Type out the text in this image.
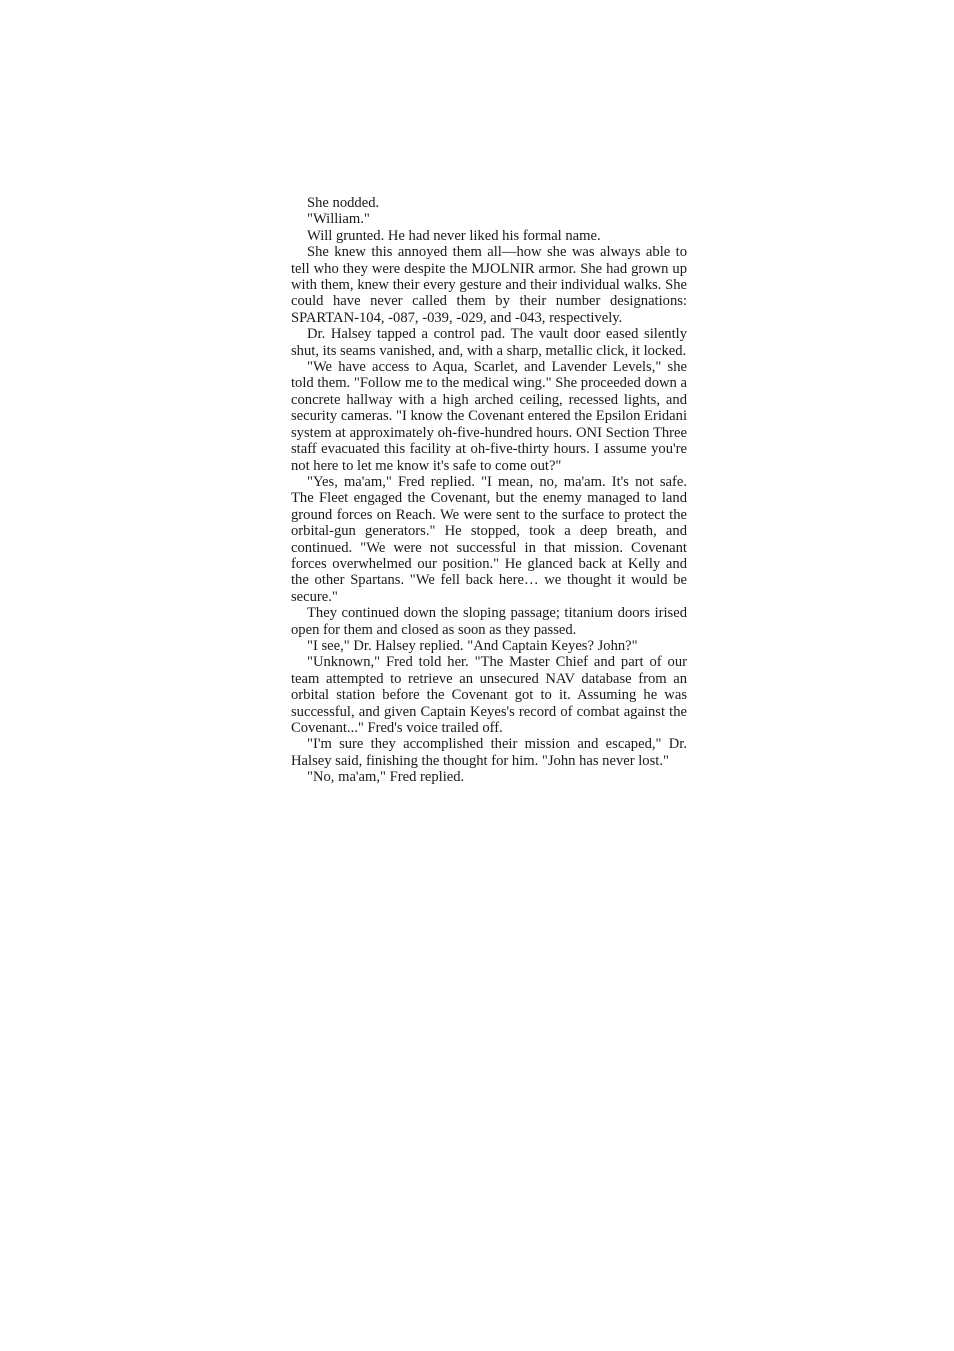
She nodded.

"William."

Will grunted. He had never liked his formal name.

She knew this annoyed them all—how she was always able to tell who they were despite the MJOLNIR armor. She had grown up with them, knew their every gesture and their individual walks. She could have never called them by their number designations: SPARTAN-104, -087, -039, -029, and -043, respectively.

Dr. Halsey tapped a control pad. The vault door eased silently shut, its seams vanished, and, with a sharp, metallic click, it locked.

"We have access to Aqua, Scarlet, and Lavender Levels," she told them. "Follow me to the medical wing." She proceeded down a concrete hallway with a high arched ceiling, recessed lights, and security cameras. "I know the Covenant entered the Epsilon Eridani system at approximately oh-five-hundred hours. ONI Section Three staff evacuated this facility at oh-five-thirty hours. I assume you're not here to let me know it's safe to come out?"

"Yes, ma'am," Fred replied. "I mean, no, ma'am. It's not safe. The Fleet engaged the Covenant, but the enemy managed to land ground forces on Reach. We were sent to the surface to protect the orbital-gun generators." He stopped, took a deep breath, and continued. "We were not successful in that mission. Covenant forces overwhelmed our position." He glanced back at Kelly and the other Spartans. "We fell back here… we thought it would be secure."

They continued down the sloping passage; titanium doors irised open for them and closed as soon as they passed.

"I see," Dr. Halsey replied. "And Captain Keyes? John?"

"Unknown," Fred told her. "The Master Chief and part of our team attempted to retrieve an unsecured NAV database from an orbital station before the Covenant got to it. Assuming he was successful, and given Captain Keyes's record of combat against the Covenant..." Fred's voice trailed off.

"I'm sure they accomplished their mission and escaped," Dr. Halsey said, finishing the thought for him. "John has never lost."

"No, ma'am," Fred replied.
